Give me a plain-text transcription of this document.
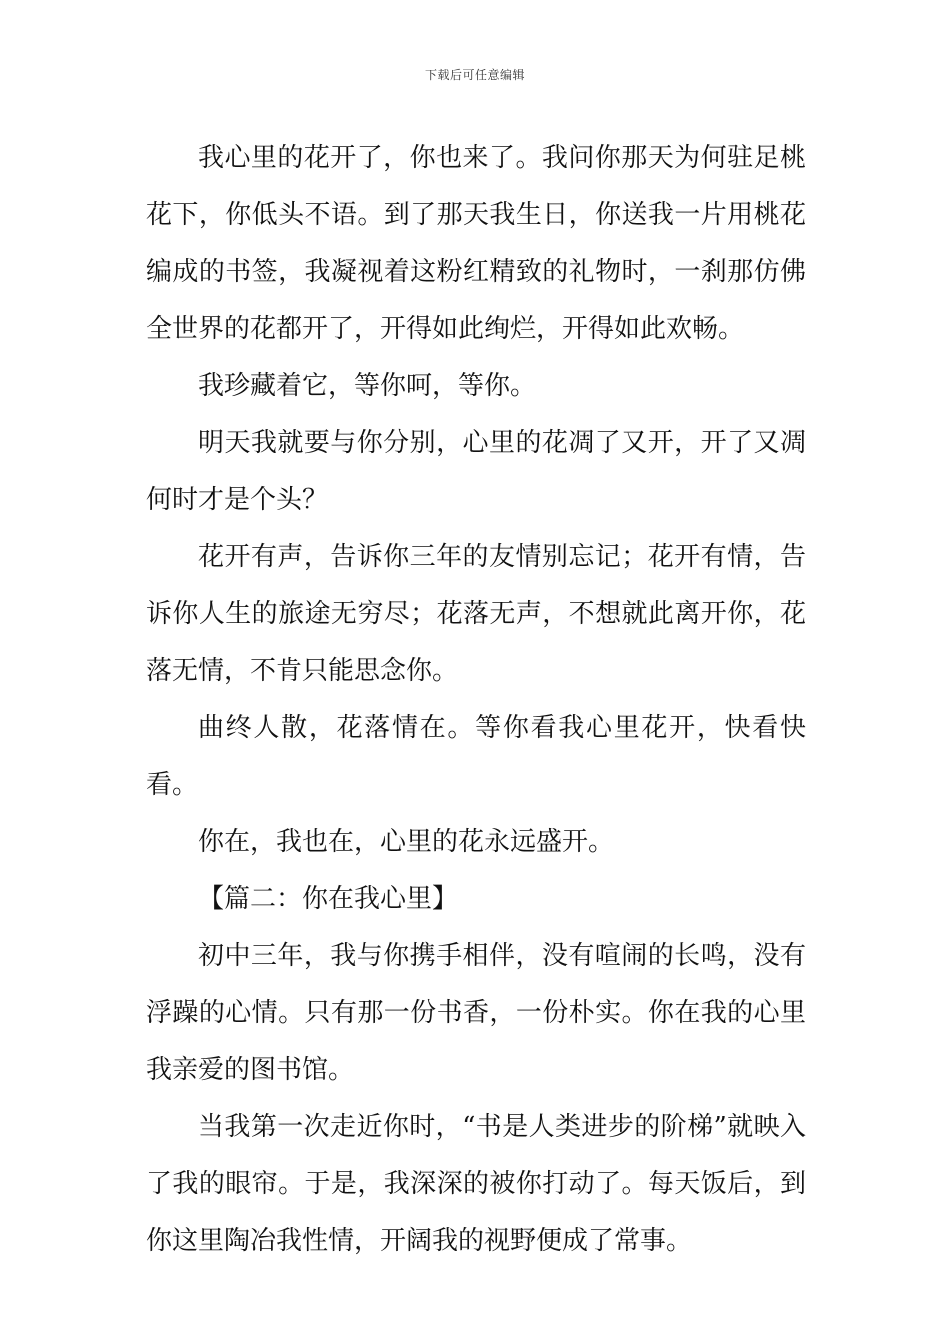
下载后可任意编辑

我心里的花开了，你也来了。我问你那天为何驻足桃花下，你低头不语。到了那天我生日，你送我一片用桃花编成的书签，我凝视着这粉红精致的礼物时，一刹那仿佛全世界的花都开了，开得如此绚烂，开得如此欢畅。

我珍藏着它，等你呵，等你。

明天我就要与你分别，心里的花凋了又开，开了又凋何时才是个头？

花开有声，告诉你三年的友情别忘记；花开有情，告诉你人生的旅途无穷尽；花落无声，不想就此离开你，花落无情，不肯只能思念你。

曲终人散，花落情在。等你看我心里花开，快看快看。

你在，我也在，心里的花永远盛开。

【篇二：你在我心里】

初中三年，我与你携手相伴，没有喧闹的长鸣，没有浮躁的心情。只有那一份书香，一份朴实。你在我的心里我亲爱的图书馆。

当我第一次走近你时，“书是人类进步的阶梯”就映入了我的眼帘。于是，我深深的被你打动了。每天饭后，到你这里陶冶我性情，开阔我的视野便成了常事。
